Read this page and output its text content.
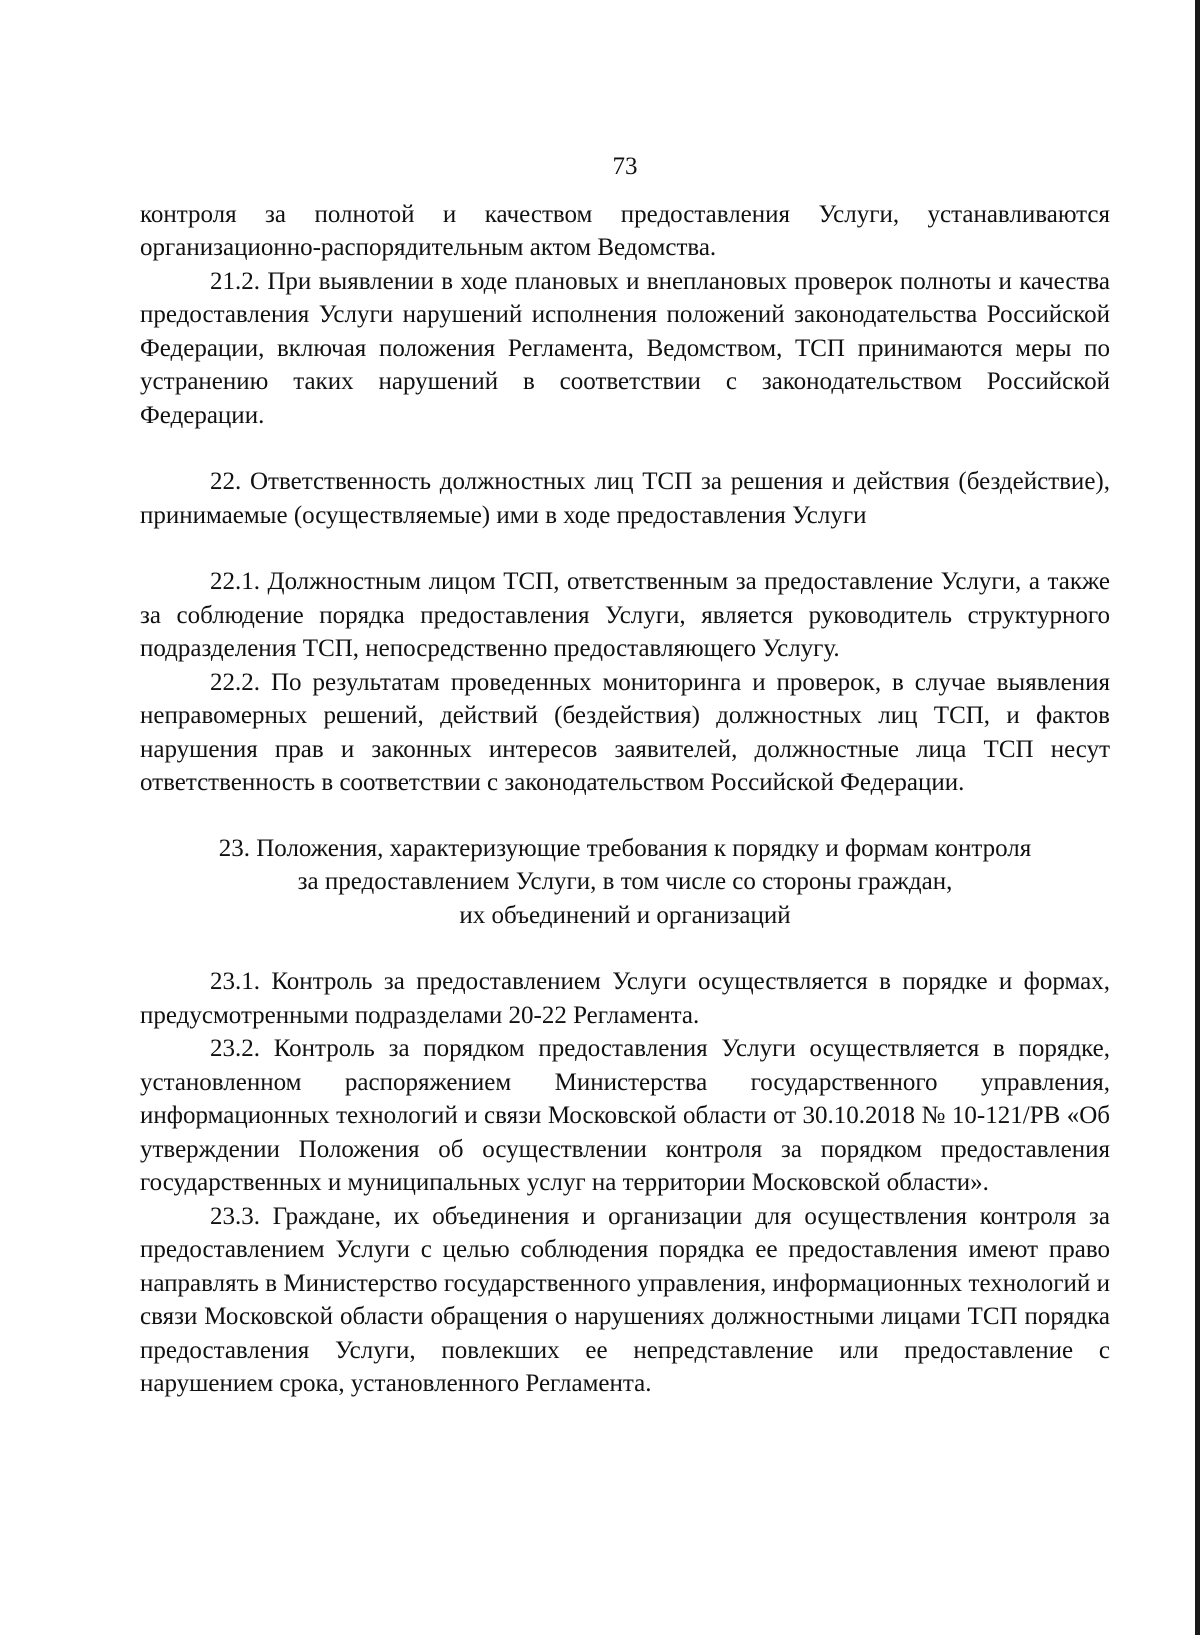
73

контроля за полнотой и качеством предоставления Услуги, устанавливаются организационно-распорядительным актом Ведомства.

21.2. При выявлении в ходе плановых и внеплановых проверок полноты и качества предоставления Услуги нарушений исполнения положений законодательства Российской Федерации, включая положения Регламента, Ведомством, ТСП принимаются меры по устранению таких нарушений в соответствии с законодательством Российской Федерации.

22. Ответственность должностных лиц ТСП за решения и действия (бездействие), принимаемые (осуществляемые) ими в ходе предоставления Услуги

22.1. Должностным лицом ТСП, ответственным за предоставление Услуги, а также за соблюдение порядка предоставления Услуги, является руководитель структурного подразделения ТСП, непосредственно предоставляющего Услугу.

22.2. По результатам проведенных мониторинга и проверок, в случае выявления неправомерных решений, действий (бездействия) должностных лиц ТСП, и фактов нарушения прав и законных интересов заявителей, должностные лица ТСП несут ответственность в соответствии с законодательством Российской Федерации.

23. Положения, характеризующие требования к порядку и формам контроля
за предоставлением Услуги, в том числе со стороны граждан,
их объединений и организаций

23.1. Контроль за предоставлением Услуги осуществляется в порядке и формах, предусмотренными подразделами 20-22 Регламента.

23.2. Контроль за порядком предоставления Услуги осуществляется в порядке, установленном распоряжением Министерства государственного управления, информационных технологий и связи Московской области от 30.10.2018 № 10-121/РВ «Об утверждении Положения об осуществлении контроля за порядком предоставления государственных и муниципальных услуг на территории Московской области».

23.3. Граждане, их объединения и организации для осуществления контроля за предоставлением Услуги с целью соблюдения порядка ее предоставления имеют право направлять в Министерство государственного управления, информационных технологий и связи Московской области обращения о нарушениях должностными лицами ТСП порядка предоставления Услуги, повлекших ее непредставление или предоставление с нарушением срока, установленного Регламента.
